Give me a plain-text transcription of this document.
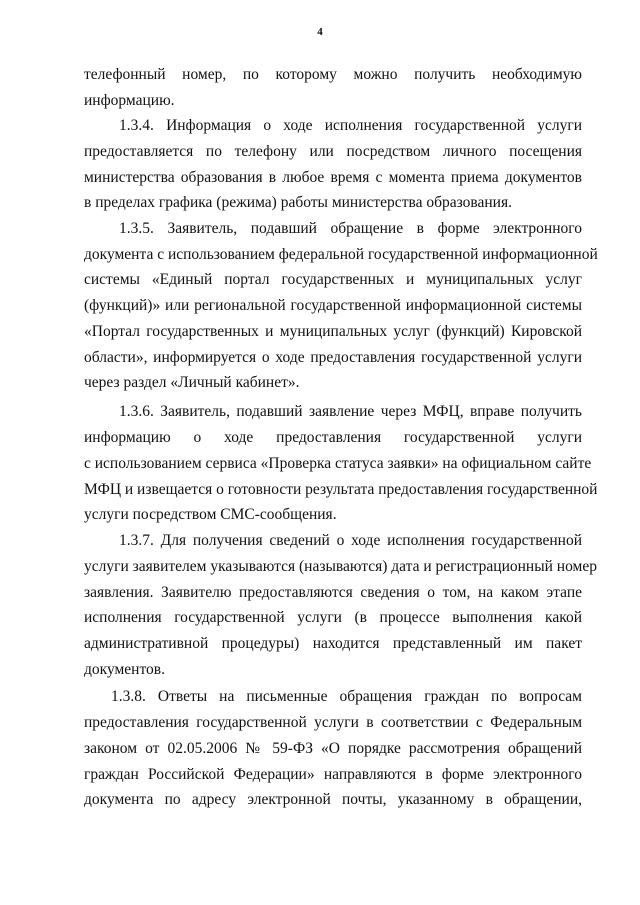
4
телефонный номер, по которому можно получить необходимую
информацию.
1.3.4. Информация о ходе исполнения государственной услуги
предоставляется по телефону или посредством личного посещения
министерства образования в любое время с момента приема документов
в пределах графика (режима) работы министерства образования.
1.3.5. Заявитель, подавший обращение в форме электронного
документа с использованием федеральной государственной информационной
системы «Единый портал государственных и муниципальных услуг
(функций)» или региональной государственной информационной системы
«Портал государственных и муниципальных услуг (функций) Кировской
области», информируется о ходе предоставления государственной услуги
через раздел «Личный кабинет».
1.3.6. Заявитель, подавший заявление через МФЦ, вправе получить
информацию о ходе предоставления государственной услуги
с использованием сервиса «Проверка статуса заявки» на официальном сайте
МФЦ и извещается о готовности результата предоставления государственной
услуги посредством СМС-сообщения.
1.3.7. Для получения сведений о ходе исполнения государственной
услуги заявителем указываются (называются) дата и регистрационный номер
заявления. Заявителю предоставляются сведения о том, на каком этапе
исполнения государственной услуги (в процессе выполнения какой
административной процедуры) находится представленный им пакет
документов.
1.3.8. Ответы на письменные обращения граждан по вопросам
предоставления государственной услуги в соответствии с Федеральным
законом от 02.05.2006 № 59-ФЗ «О порядке рассмотрения обращений
граждан Российской Федерации» направляются в форме электронного
документа по адресу электронной почты, указанному в обращении,
